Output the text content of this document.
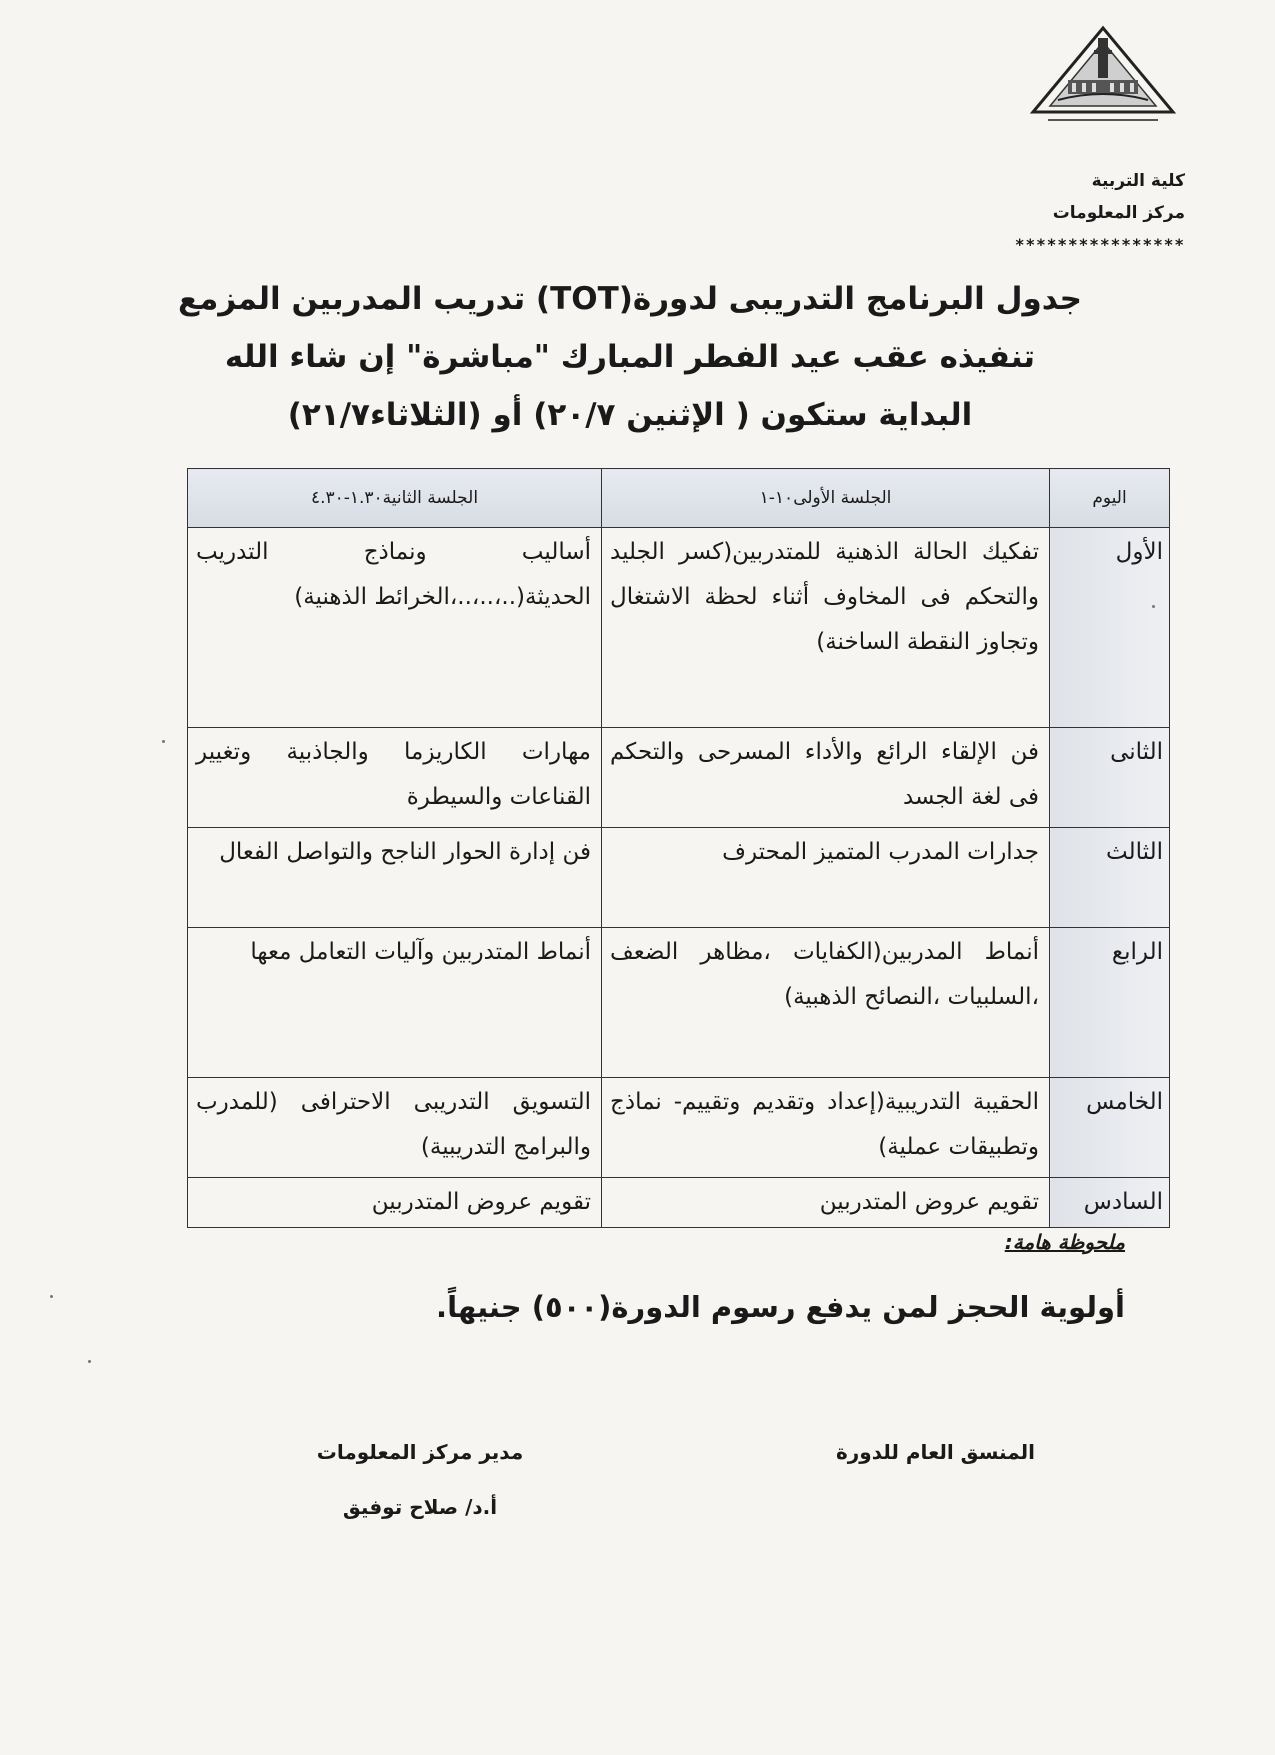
كلية التربية
مركز المعلومات
****************
جدول البرنامج التدريبى لدورة(TOT) تدريب المدربين المزمع
تنفيذه عقب عيد الفطر المبارك "مباشرة" إن شاء الله
البداية ستكون ( الإثنين ٢٠/٧) أو (الثلاثاء٢١/٧)
اليوم	الجلسة الأولى١٠-١	الجلسة الثانية١.٣٠-٤.٣٠
الأول	تفكيك الحالة الذهنية للمتدربين(كسر الجليد والتحكم فى المخاوف أثناء لحظة الاشتغال وتجاوز النقطة الساخنة)	أساليب ونماذج التدريب الحديثة(..،..،..،الخرائط الذهنية)
الثانى	فن الإلقاء الرائع والأداء المسرحى والتحكم فى لغة الجسد	مهارات الكاريزما والجاذبية وتغيير القناعات والسيطرة
الثالث	جدارات المدرب المتميز المحترف	فن إدارة الحوار الناجح والتواصل الفعال
الرابع	أنماط المدربين(الكفايات ،مظاهر الضعف ،السلبيات ،النصائح الذهبية)	أنماط المتدربين وآليات التعامل معها
الخامس	الحقيبة التدريبية(إعداد وتقديم وتقييم- نماذج وتطبيقات عملية)	التسويق التدريبى الاحترافى (للمدرب والبرامج التدريبية)
السادس	تقويم عروض المتدربين	تقويم عروض المتدربين
ملحوظة هامة:
أولوية الحجز لمن يدفع رسوم الدورة(٥٠٠) جنيهاً.
المنسق العام للدورة
مدير مركز المعلومات
أ.د/ صلاح توفيق
